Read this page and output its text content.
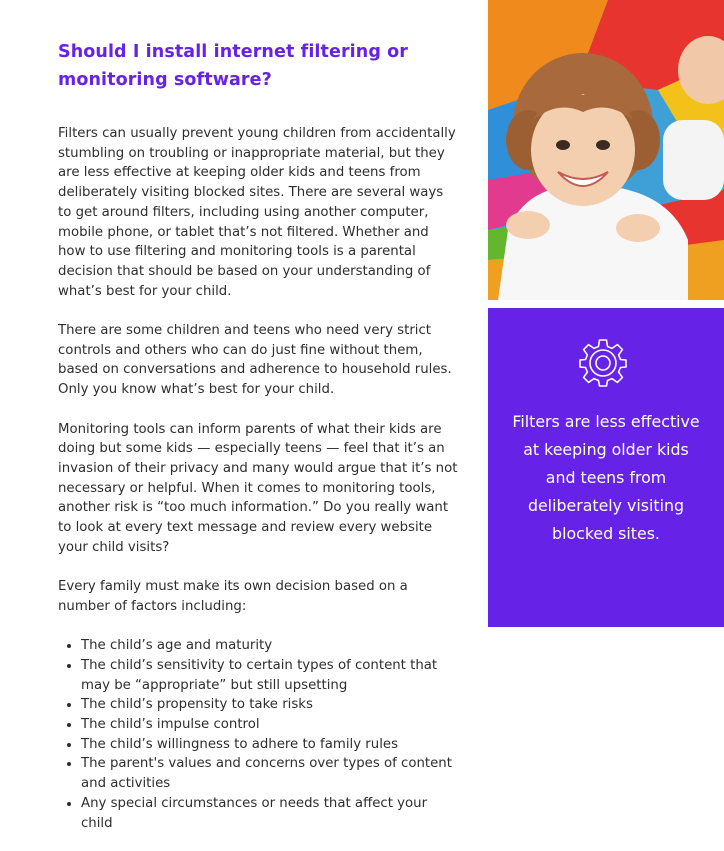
Should I install internet filtering or monitoring software?

Filters can usually prevent young children from accidentally stumbling on troubling or inappropriate material, but they are less effective at keeping older kids and teens from deliberately visiting blocked sites. There are several ways to get around filters, including using another computer, mobile phone, or tablet that’s not filtered. Whether and how to use filtering and monitoring tools is a parental decision that should be based on your understanding of what’s best for your child.

There are some children and teens who need very strict controls and others who can do just fine without them, based on conversations and adherence to household rules. Only you know what’s best for your child.

Monitoring tools can inform parents of what their kids are doing but some kids — especially teens — feel that it’s an invasion of their privacy and many would argue that it’s not necessary or helpful. When it comes to monitoring tools, another risk is “too much information.” Do you really want to look at every text message and review every website your child visits?

Every family must make its own decision based on a number of factors including:

• The child’s age and maturity
• The child’s sensitivity to certain types of content that may be “appropriate” but still upsetting
• The child’s propensity to take risks
• The child’s impulse control
• The child’s willingness to adhere to family rules
• The parent's values and concerns over types of content and activities
• Any special circumstances or needs that affect your child
Filters are less effective at keeping older kids and teens from deliberately visiting blocked sites.
